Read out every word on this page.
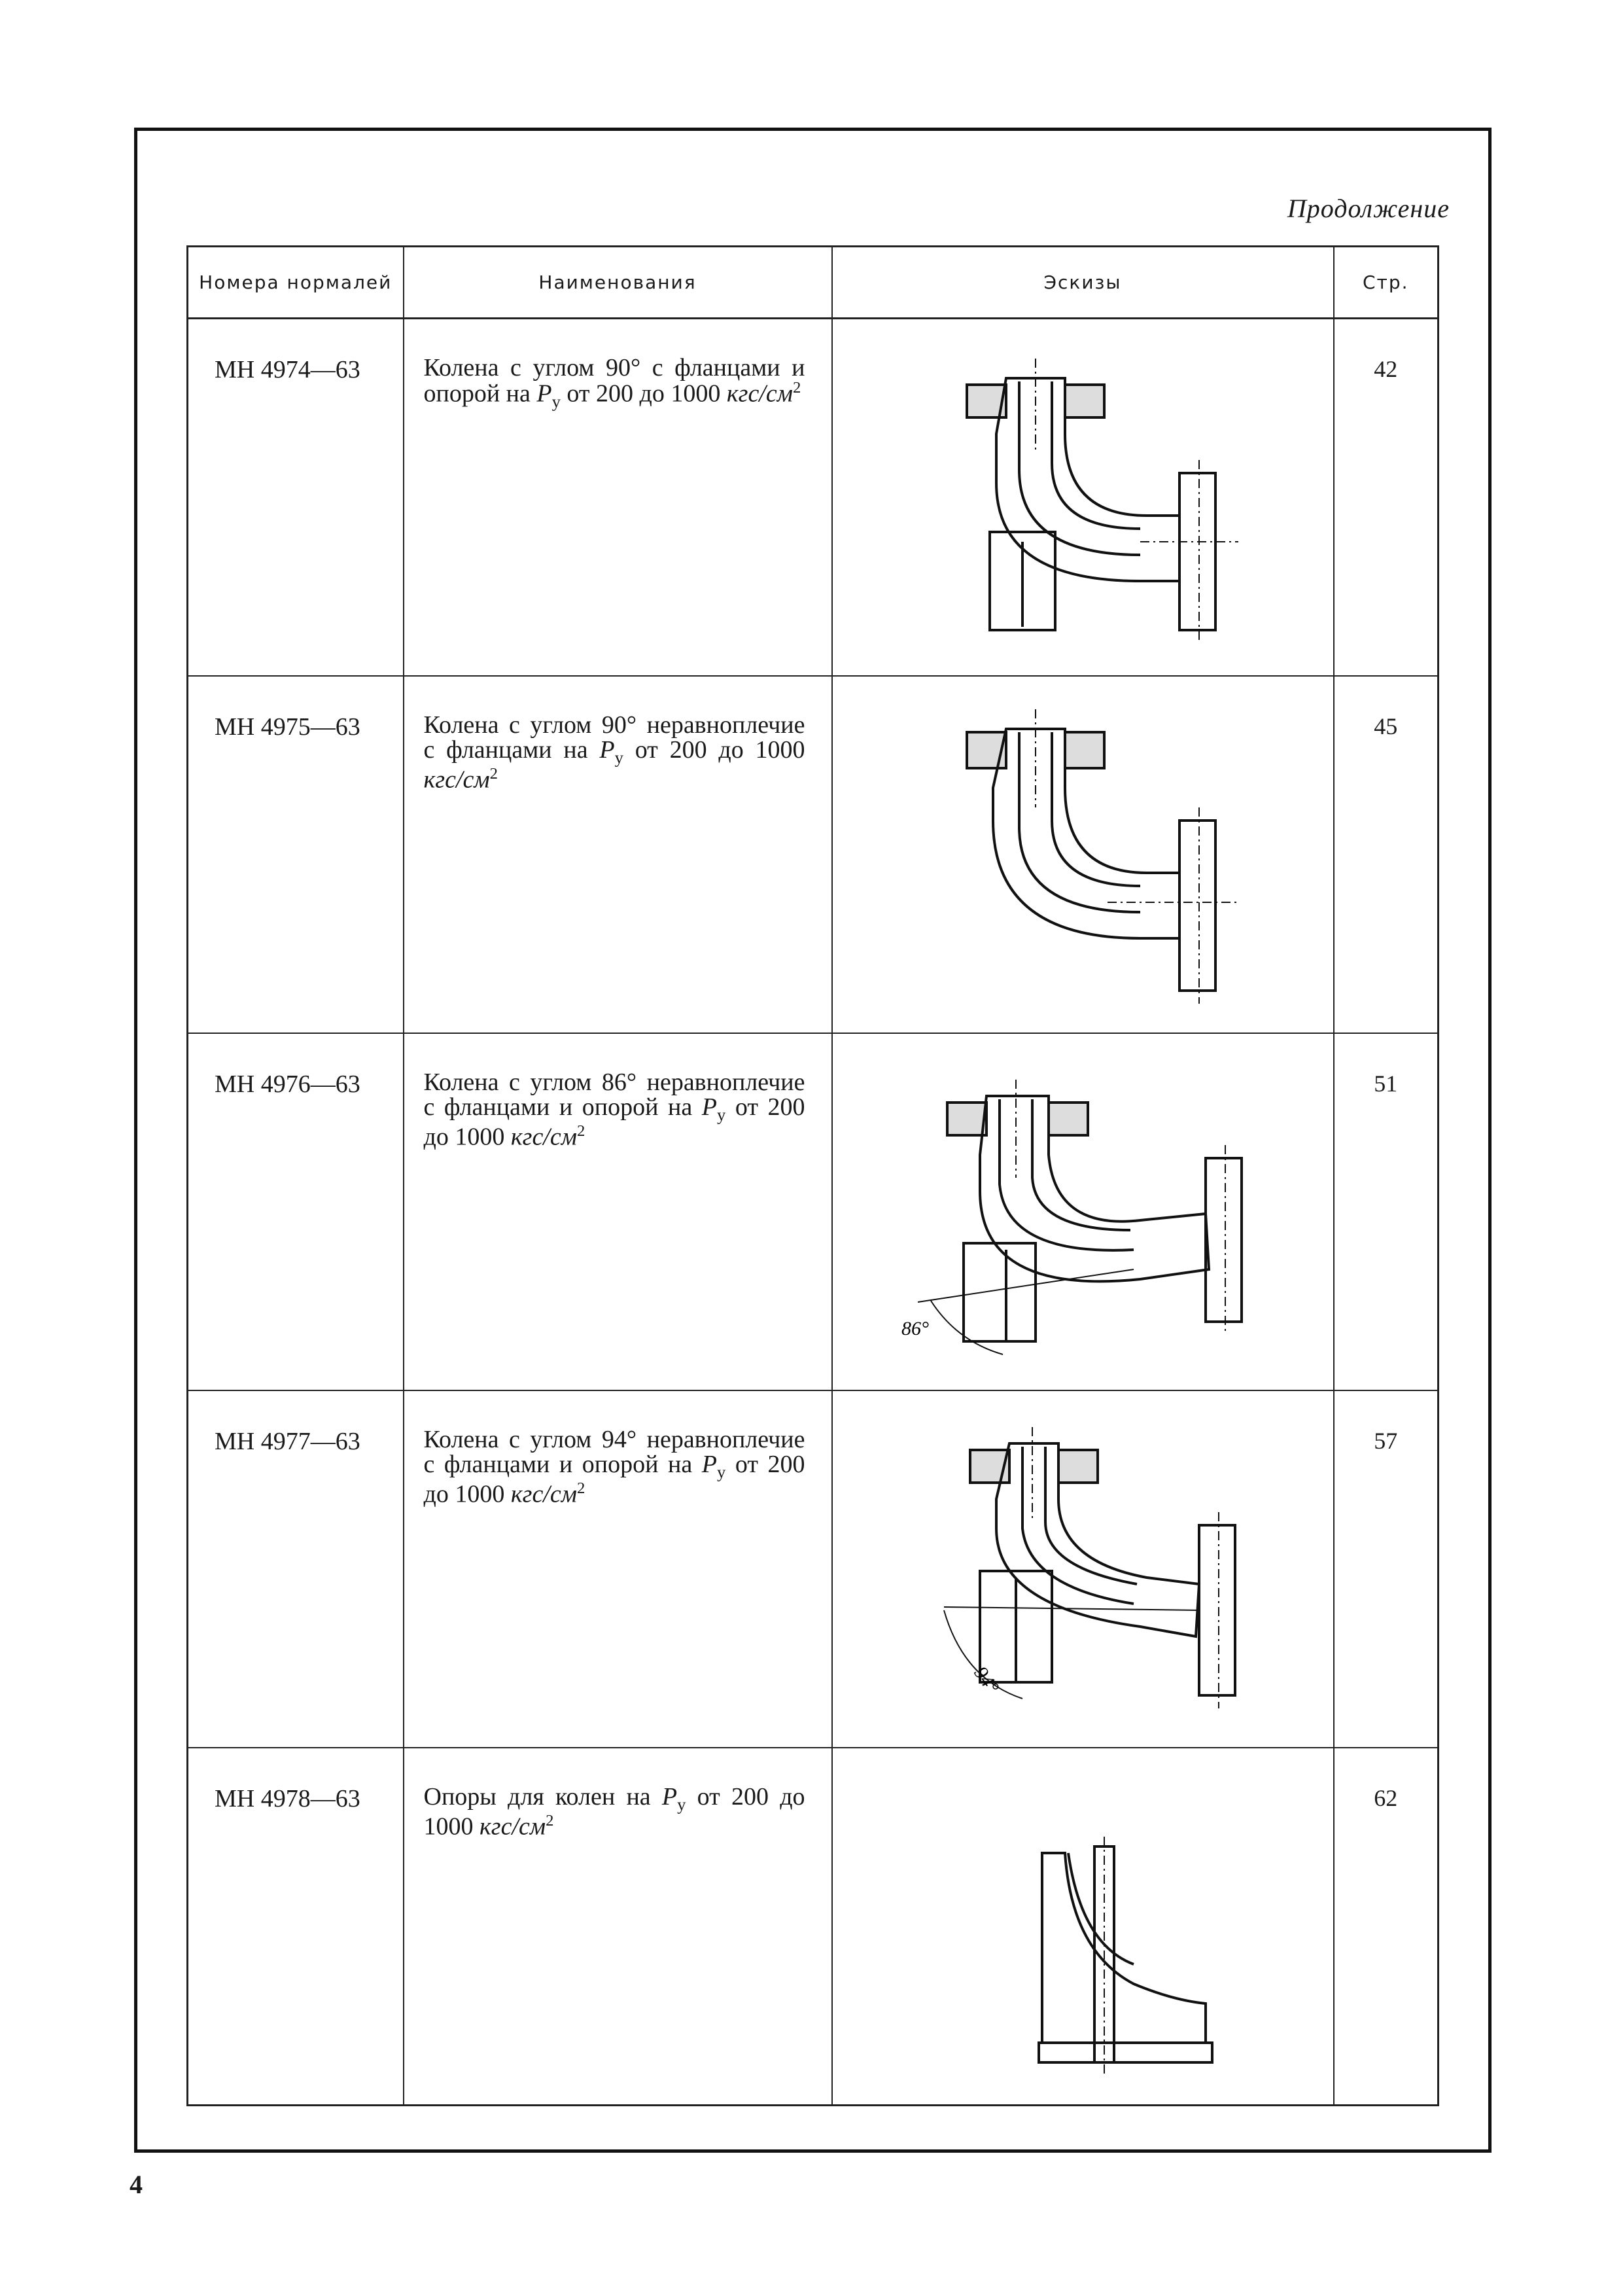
Продолжение
Номера нормалей	Наименования	Эскизы	Стр.
МН 4974—63	Колена с углом 90° с фланцами и опорой на $P_у$ от 200 до 1000 кгс/$см^2$		42
МН 4975—63	Колена с углом 90° неравноплечие с фланцами на $P_у$ от 200 до 1000 кгс/$см^2$		45
МН 4976—63	Колена с углом 86° неравноплечие с фланцами и опорой на $P_у$ от 200 до 1000 кгс/$см^2$	86°	51
МН 4977—63	Колена с углом 94° неравноплечие с фланцами и опорой на $P_у$ от 200 до 1000 кгс/$см^2$	94°	57
МН 4978—63	Опоры для колен на $P_у$ от 200 до 1000 кгс/$см^2$		62
4
